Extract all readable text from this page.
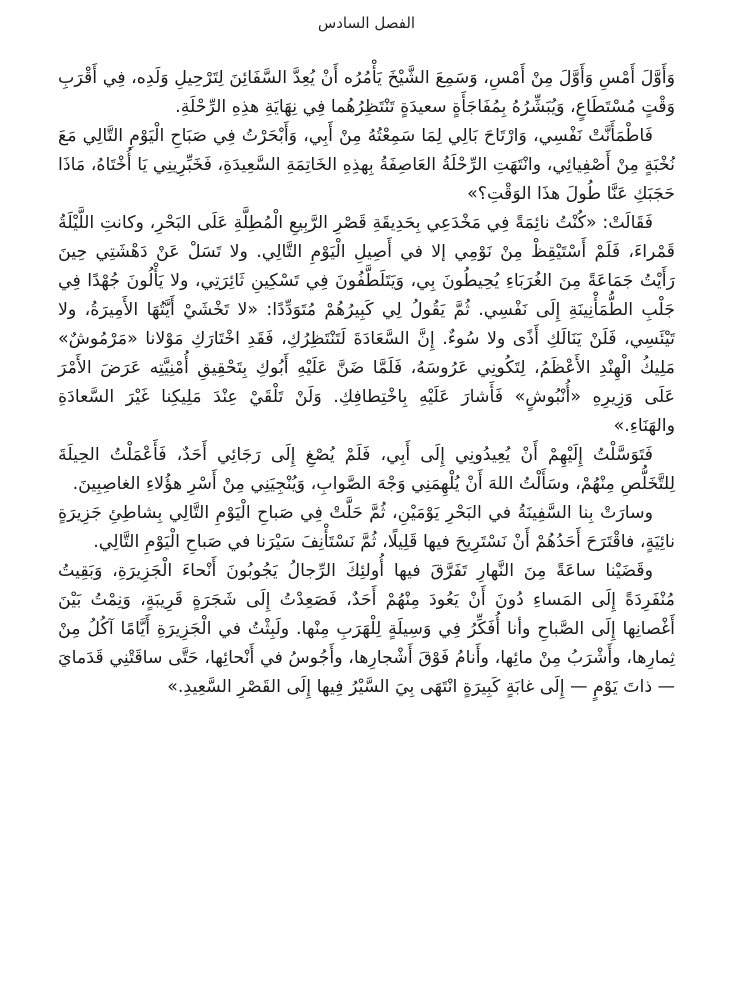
الفصل السادس

وَأَوَّلَ أَمْسِ وَأَوَّلَ مِنْ أَمْسِ، وَسَمِعَ الشَّيْخَ يَأْمُرُه أَنْ يُعِدَّ السَّفَائِنَ لِتَرْحِيلِ وَلَدِه، فِي أَقْرَبِ وَقْتٍ مُسْتَطَاعٍ، وَيُبَشِّرُهُ بِمُفَاجَأَةٍ سعيدَةٍ تَنْتَظِرُهُما فِي نِهَايَةِ هذِهِ الرِّحْلَةِ.

فَاطْمَأَنَّتْ نَفْسِي، وَارْتَاحَ بَالِي لِمَا سَمِعْتُهُ مِنْ أَبِي، وَأَبْحَرْتُ فِي صَبَاحِ الْيَوْمِ التَّالِي مَعَ نُخْبَةٍ مِنْ أَصْفِيائِي، وانْتَهَتِ الرِّحْلَةُ العَاصِفَةُ بِهذِهِ الخَاتِمَةِ السَّعِيدَةِ، فَخَبِّرِينِي يَا أُخْتَاهُ، مَاذَا حَجَبَكِ عَنَّا طُولَ هذَا الوَقْتِ؟»

فَقَالَتْ: «كُنْتُ نائِمَةً فِي مَخْدَعِي بِحَدِيقَةِ قَصْرِ الرَّبِيعِ الْمُطِلَّةِ عَلَى البَحْرِ، وكانتِ اللَّيْلَةُ قَمْراءَ، فَلَمْ أَسْتَيْقِظْ مِنْ نَوْمِي إلا في أَصِيلِ الْيَوْمِ التَّالِي. ولا تَسَلْ عَنْ دَهْشَتِي حِينَ رَأَيْتُ جَمَاعَةً مِنَ الغُرَبَاءِ يُحِيطُونَ بِي، وَيَتَلَطَّفُونَ فِي تَسْكِينِ ثَائِرَتِي، ولا يَأْلُونَ جُهْدًا فِي جَلْبِ الطُّمَأْنِينَةِ إِلَى نَفْسِي. ثُمَّ يَقُولُ لِي كَبِيرُهُمْ مُتَوَدِّدًا: «لا تَخْشَيْ أَيَّتُهَا الأَمِيرَةُ، ولا تَيْئَسِي، فَلَنْ يَنَالَكِ أَذًى ولا سُوءٌ. إِنَّ السَّعَادَةَ لَتَنْتَظِرُكِ، فَقَدِ اخْتَارَكِ مَوْلانا «مَرْمُوشٌ» مَلِيكُ الْهِنْدِ الأَعْظَمُ، لِتَكُونِي عَرُوسَهُ، فَلَمَّا ضَنَّ عَلَيْهِ أَبُوكِ بِتَحْقِيقِ أُمْنِيَّتِه عَرَضَ الأَمْرَ عَلَى وَزِيرِهِ «أُنْبُوشٍ» فَأَشارَ عَلَيْهِ بِاخْتِطافِكِ. وَلَنْ تَلْقَيْ عِنْدَ مَلِيكِنا غَيْرَ السَّعادَةِ والهَنَاءِ.»

فَتَوَسَّلْتُ إِلَيْهِمْ أَنْ يُعِيدُونِي إِلَى أَبِي، فَلَمْ يُصْغِ إِلَى رَجَائِي أَحَدٌ، فَأَعْمَلْتُ الحِيلَةَ لِلتَّخَلُّصِ مِنْهُمْ، وسَأَلْتُ اللهَ أَنْ يُلْهِمَنِي وَجْهَ الصَّوابِ، وَيُنْجِيَنِي مِنْ أَسْرِ هؤُلاءِ الغاصِبِينَ.

وسارَتْ بِنا السَّفِينَةُ في البَحْرِ يَوْمَيْنِ، ثُمَّ حَلَّتْ فِي صَباحِ الْيَوْمِ التَّالِي بِشاطِئِ جَزِيرَةٍ نائِيَةٍ، فاقْتَرَحَ أَحَدُهُمْ أَنْ نَسْتَرِيحَ فيها قَلِيلًا، ثُمَّ نَسْتَأْنِفَ سَيْرَنا في صَباحِ الْيَوْمِ التَّالِي.

وقَضَيْنا ساعَةً مِنَ النَّهارِ تَفَرَّقَ فيها أُولئِكَ الرِّجالُ يَجُوبُونَ أَنْحاءَ الْجَزِيرَةِ، وَبَقِيتُ مُنْفَرِدَةً إِلَى المَساءِ دُونَ أَنْ يَعُودَ مِنْهُمْ أَحَدٌ، فَصَعِدْتُ إِلَى شَجَرَةٍ قَرِيبَةٍ، وَنِمْتُ بَيْنَ أَغْصانِها إِلَى الصَّباحِ وأنا أُفَكِّرُ فِي وَسِيلَةٍ لِلْهَرَبِ مِنْها. ولَبِثْتُ في الْجَزِيرَةِ أَيَّامًا آكُلُ مِنْ ثِمارِها، وأَشْرَبُ مِنْ مائِها، وأَنامُ فَوْقَ أَشْجارِها، وأَجُوسُ في أَنْحائِها، حَتَّى ساقَتْنِي قَدَمايَ — ذاتَ يَوْمٍ — إِلَى غابَةٍ كَبِيرَةٍ انْتَهَى بِيَ السَّيْرُ فِيها إِلَى القَصْرِ السَّعِيدِ.»
